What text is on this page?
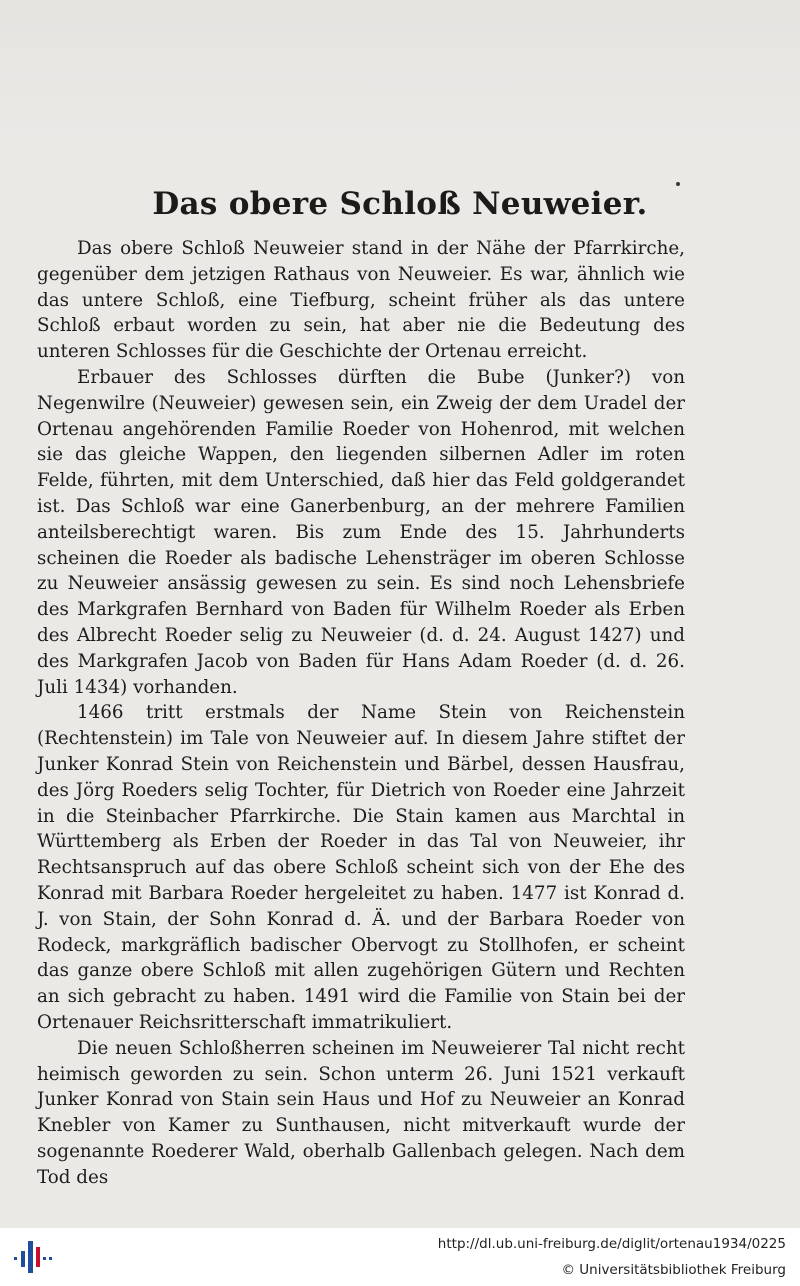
Das obere Schloß Neuweier.

Das obere Schloß Neuweier stand in der Nähe der Pfarrkirche, gegenüber dem jetzigen Rathaus von Neuweier. Es war, ähnlich wie das untere Schloß, eine Tiefburg, scheint früher als das untere Schloß erbaut worden zu sein, hat aber nie die Bedeutung des unteren Schlosses für die Geschichte der Ortenau erreicht.

Erbauer des Schlosses dürften die Bube (Junker?) von Negenwilre (Neuweier) gewesen sein, ein Zweig der dem Uradel der Ortenau angehörenden Familie Roeder von Hohenrod, mit welchen sie das gleiche Wappen, den liegenden silbernen Adler im roten Felde, führten, mit dem Unterschied, daß hier das Feld goldgerandet ist. Das Schloß war eine Ganerbenburg, an der mehrere Familien anteilsberechtigt waren. Bis zum Ende des 15. Jahrhunderts scheinen die Roeder als badische Lehensträger im oberen Schlosse zu Neuweier ansässig gewesen zu sein. Es sind noch Lehensbriefe des Markgrafen Bernhard von Baden für Wilhelm Roeder als Erben des Albrecht Roeder selig zu Neuweier (d. d. 24. August 1427) und des Markgrafen Jacob von Baden für Hans Adam Roeder (d. d. 26. Juli 1434) vorhanden.

1466 tritt erstmals der Name Stein von Reichenstein (Rechtenstein) im Tale von Neuweier auf. In diesem Jahre stiftet der Junker Konrad Stein von Reichenstein und Bärbel, dessen Hausfrau, des Jörg Roeders selig Tochter, für Dietrich von Roeder eine Jahrzeit in die Steinbacher Pfarrkirche. Die Stain kamen aus Marchtal in Württemberg als Erben der Roeder in das Tal von Neuweier, ihr Rechtsanspruch auf das obere Schloß scheint sich von der Ehe des Konrad mit Barbara Roeder hergeleitet zu haben. 1477 ist Konrad d. J. von Stain, der Sohn Konrad d. Ä. und der Barbara Roeder von Rodeck, markgräflich badischer Obervogt zu Stollhofen, er scheint das ganze obere Schloß mit allen zugehörigen Gütern und Rechten an sich gebracht zu haben. 1491 wird die Familie von Stain bei der Ortenauer Reichsritterschaft immatrikuliert.

Die neuen Schloßherren scheinen im Neuweierer Tal nicht recht heimisch geworden zu sein. Schon unterm 26. Juni 1521 verkauft Junker Konrad von Stain sein Haus und Hof zu Neuweier an Konrad Knebler von Kamer zu Sunthausen, nicht mitverkauft wurde der sogenannte Roederer Wald, oberhalb Gallenbach gelegen. Nach dem Tod des

http://dl.ub.uni-freiburg.de/diglit/ortenau1934/0225
© Universitätsbibliothek Freiburg
